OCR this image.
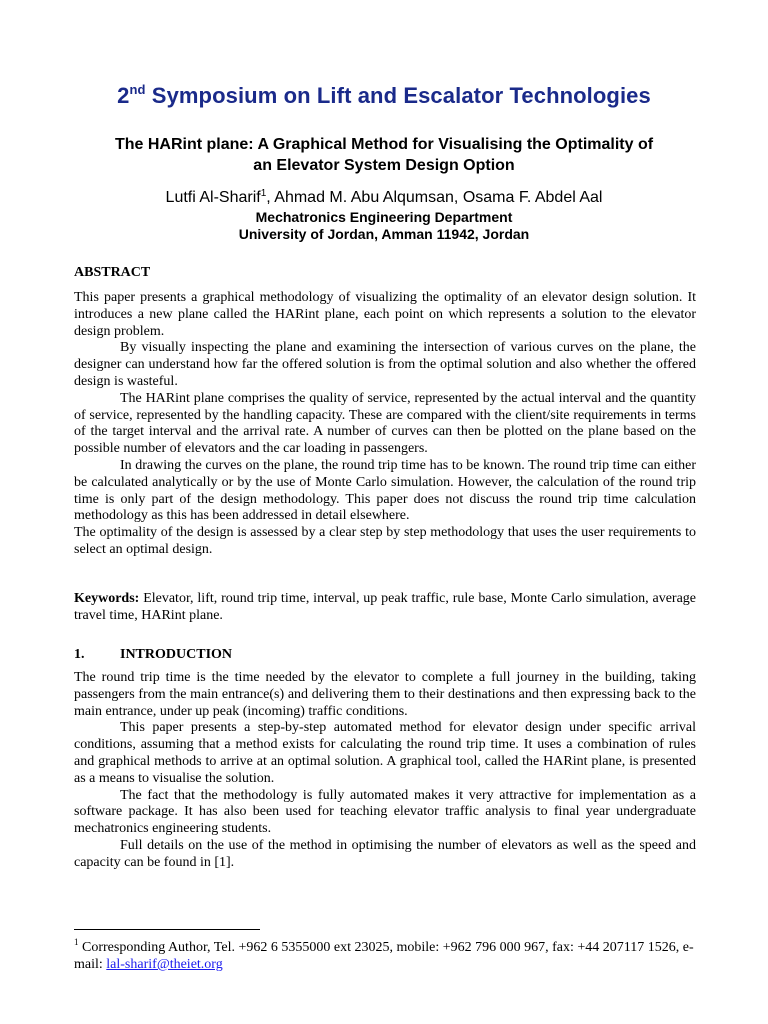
2nd Symposium on Lift and Escalator Technologies
The HARint plane: A Graphical Method for Visualising the Optimality of
an Elevator System Design Option
Lutfi Al-Sharif$^1$, Ahmad M. Abu Alqumsan, Osama F. Abdel Aal
Mechatronics Engineering Department
University of Jordan, Amman 11942, Jordan
ABSTRACT

This paper presents a graphical methodology of visualizing the optimality of an elevator design solution. It introduces a new plane called the HARint plane, each point on which represents a solution to the elevator design problem.

By visually inspecting the plane and examining the intersection of various curves on the plane, the designer can understand how far the offered solution is from the optimal solution and also whether the offered design is wasteful.

The HARint plane comprises the quality of service, represented by the actual interval and the quantity of service, represented by the handling capacity. These are compared with the client/site requirements in terms of the target interval and the arrival rate. A number of curves can then be plotted on the plane based on the possible number of elevators and the car loading in passengers.

In drawing the curves on the plane, the round trip time has to be known. The round trip time can either be calculated analytically or by the use of Monte Carlo simulation. However, the calculation of the round trip time is only part of the design methodology. This paper does not discuss the round trip time calculation methodology as this has been addressed in detail elsewhere.

The optimality of the design is assessed by a clear step by step methodology that uses the user requirements to select an optimal design.

Keywords: Elevator, lift, round trip time, interval, up peak traffic, rule base, Monte Carlo simulation, average travel time, HARint plane.
1.	INTRODUCTION

The round trip time is the time needed by the elevator to complete a full journey in the building, taking passengers from the main entrance(s) and delivering them to their destinations and then expressing back to the main entrance, under up peak (incoming) traffic conditions.

This paper presents a step-by-step automated method for elevator design under specific arrival conditions, assuming that a method exists for calculating the round trip time. It uses a combination of rules and graphical methods to arrive at an optimal solution. A graphical tool, called the HARint plane, is presented as a means to visualise the solution.

The fact that the methodology is fully automated makes it very attractive for implementation as a software package. It has also been used for teaching elevator traffic analysis to final year undergraduate mechatronics engineering students.

Full details on the use of the method in optimising the number of elevators as well as the speed and capacity can be found in [1].

$^1$ Corresponding Author, Tel. +962 6 5355000 ext 23025, mobile: +962 796 000 967, fax: +44 207117 1526, e-mail: lal-sharif@theiet.org
